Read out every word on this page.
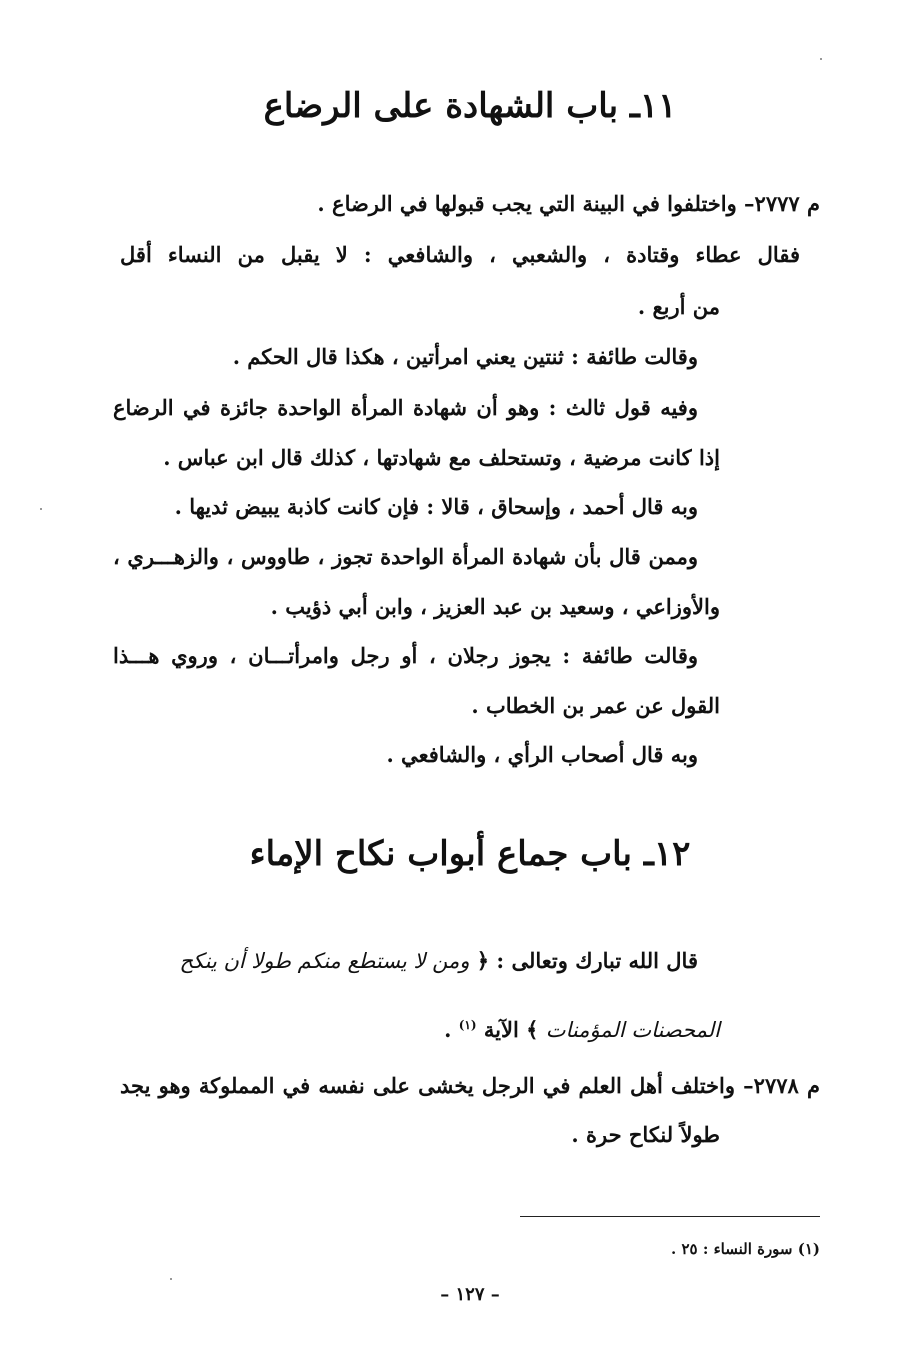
١١ـ باب الشهادة على الرضاع
م ٢٧٧٧– واختلفوا في البينة التي يجب قبولها في الرضاع .
فقال عطاء وقتادة ، والشعبي ، والشافعي : لا يقبل من النساء أقل
من أربع .
وقالت طائفة : ثنتين يعني امرأتين ، هكذا قال الحكم .
وفيه قول ثالث : وهو أن شهادة المرأة الواحدة جائزة في الرضاع
إذا كانت مرضية ، وتستحلف مع شهادتها ، كذلك قال ابن عباس .
وبه قال أحمد ، وإسحاق ، قالا : فإن كانت كاذبة يبيض ثديها .
وممن قال بأن شهادة المرأة الواحدة تجوز ، طاووس ، والزهـــري ،
والأوزاعي ، وسعيد بن عبد العزيز ، وابن أبي ذؤيب .
وقالت طائفة : يجوز رجلان ، أو رجل وامرأتـــان ، وروي هـــذا
القول عن عمر بن الخطاب .
وبه قال أصحاب الرأي ، والشافعي .
١٢ـ باب جماع أبواب نكاح الإماء
قال الله تبارك وتعالى : ﴿ ومن لا يستطع منكم طولا أن ينكح
المحصنات المؤمنات ﴾ الآية $^{(١)}$ .
م ٢٧٧٨– واختلف أهل العلم في الرجل يخشى على نفسه في المملوكة وهو يجد
طولاً لنكاح حرة .
(١) سورة النساء : ٢٥ .
– ١٢٧ –
